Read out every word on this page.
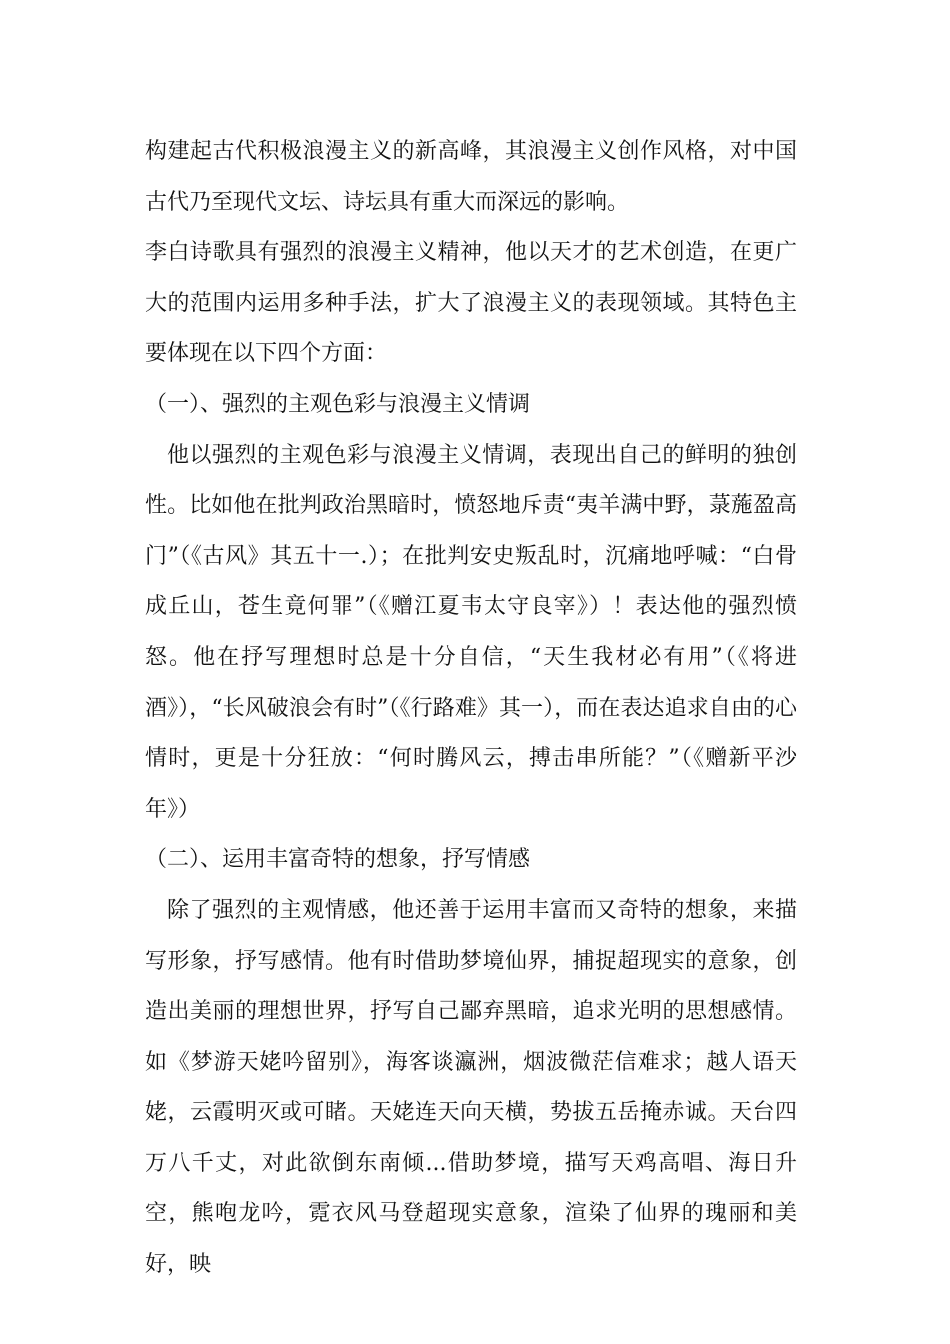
构建起古代积极浪漫主义的新高峰，其浪漫主义创作风格，对中国古代乃至现代文坛、诗坛具有重大而深远的影响。

李白诗歌具有强烈的浪漫主义精神，他以天才的艺术创造，在更广大的范围内运用多种手法，扩大了浪漫主义的表现领域。其特色主要体现在以下四个方面：

（一）、强烈的主观色彩与浪漫主义情调

他以强烈的主观色彩与浪漫主义情调，表现出自己的鲜明的独创性。比如他在批判政治黑暗时，愤怒地斥责“夷羊满中野，菉葹盈高门”（《古风》其五十一.）；在批判安史叛乱时，沉痛地呼喊：“白骨成丘山，苍生竟何罪”（《赠江夏韦太守良宰》）！表达他的强烈愤怒。他在抒写理想时总是十分自信，“天生我材必有用”（《将进酒》），“长风破浪会有时”（《行路难》其一），而在表达追求自由的心情时，更是十分狂放：“何时腾风云，搏击串所能？”（《赠新平沙年》）

（二）、运用丰富奇特的想象，抒写情感

除了强烈的主观情感，他还善于运用丰富而又奇特的想象，来描写形象，抒写感情。他有时借助梦境仙界，捕捉超现实的意象，创造出美丽的理想世界，抒写自己鄙弃黑暗，追求光明的思想感情。如《梦游天姥吟留别》，海客谈瀛洲，烟波微茫信难求；越人语天姥，云霞明灭或可睹。天姥连天向天横，势拔五岳掩赤诚。天台四万八千丈，对此欲倒东南倾...借助梦境，描写天鸡高唱、海日升空，熊咆龙吟，霓衣风马登超现实意象，渲染了仙界的瑰丽和美好，映
